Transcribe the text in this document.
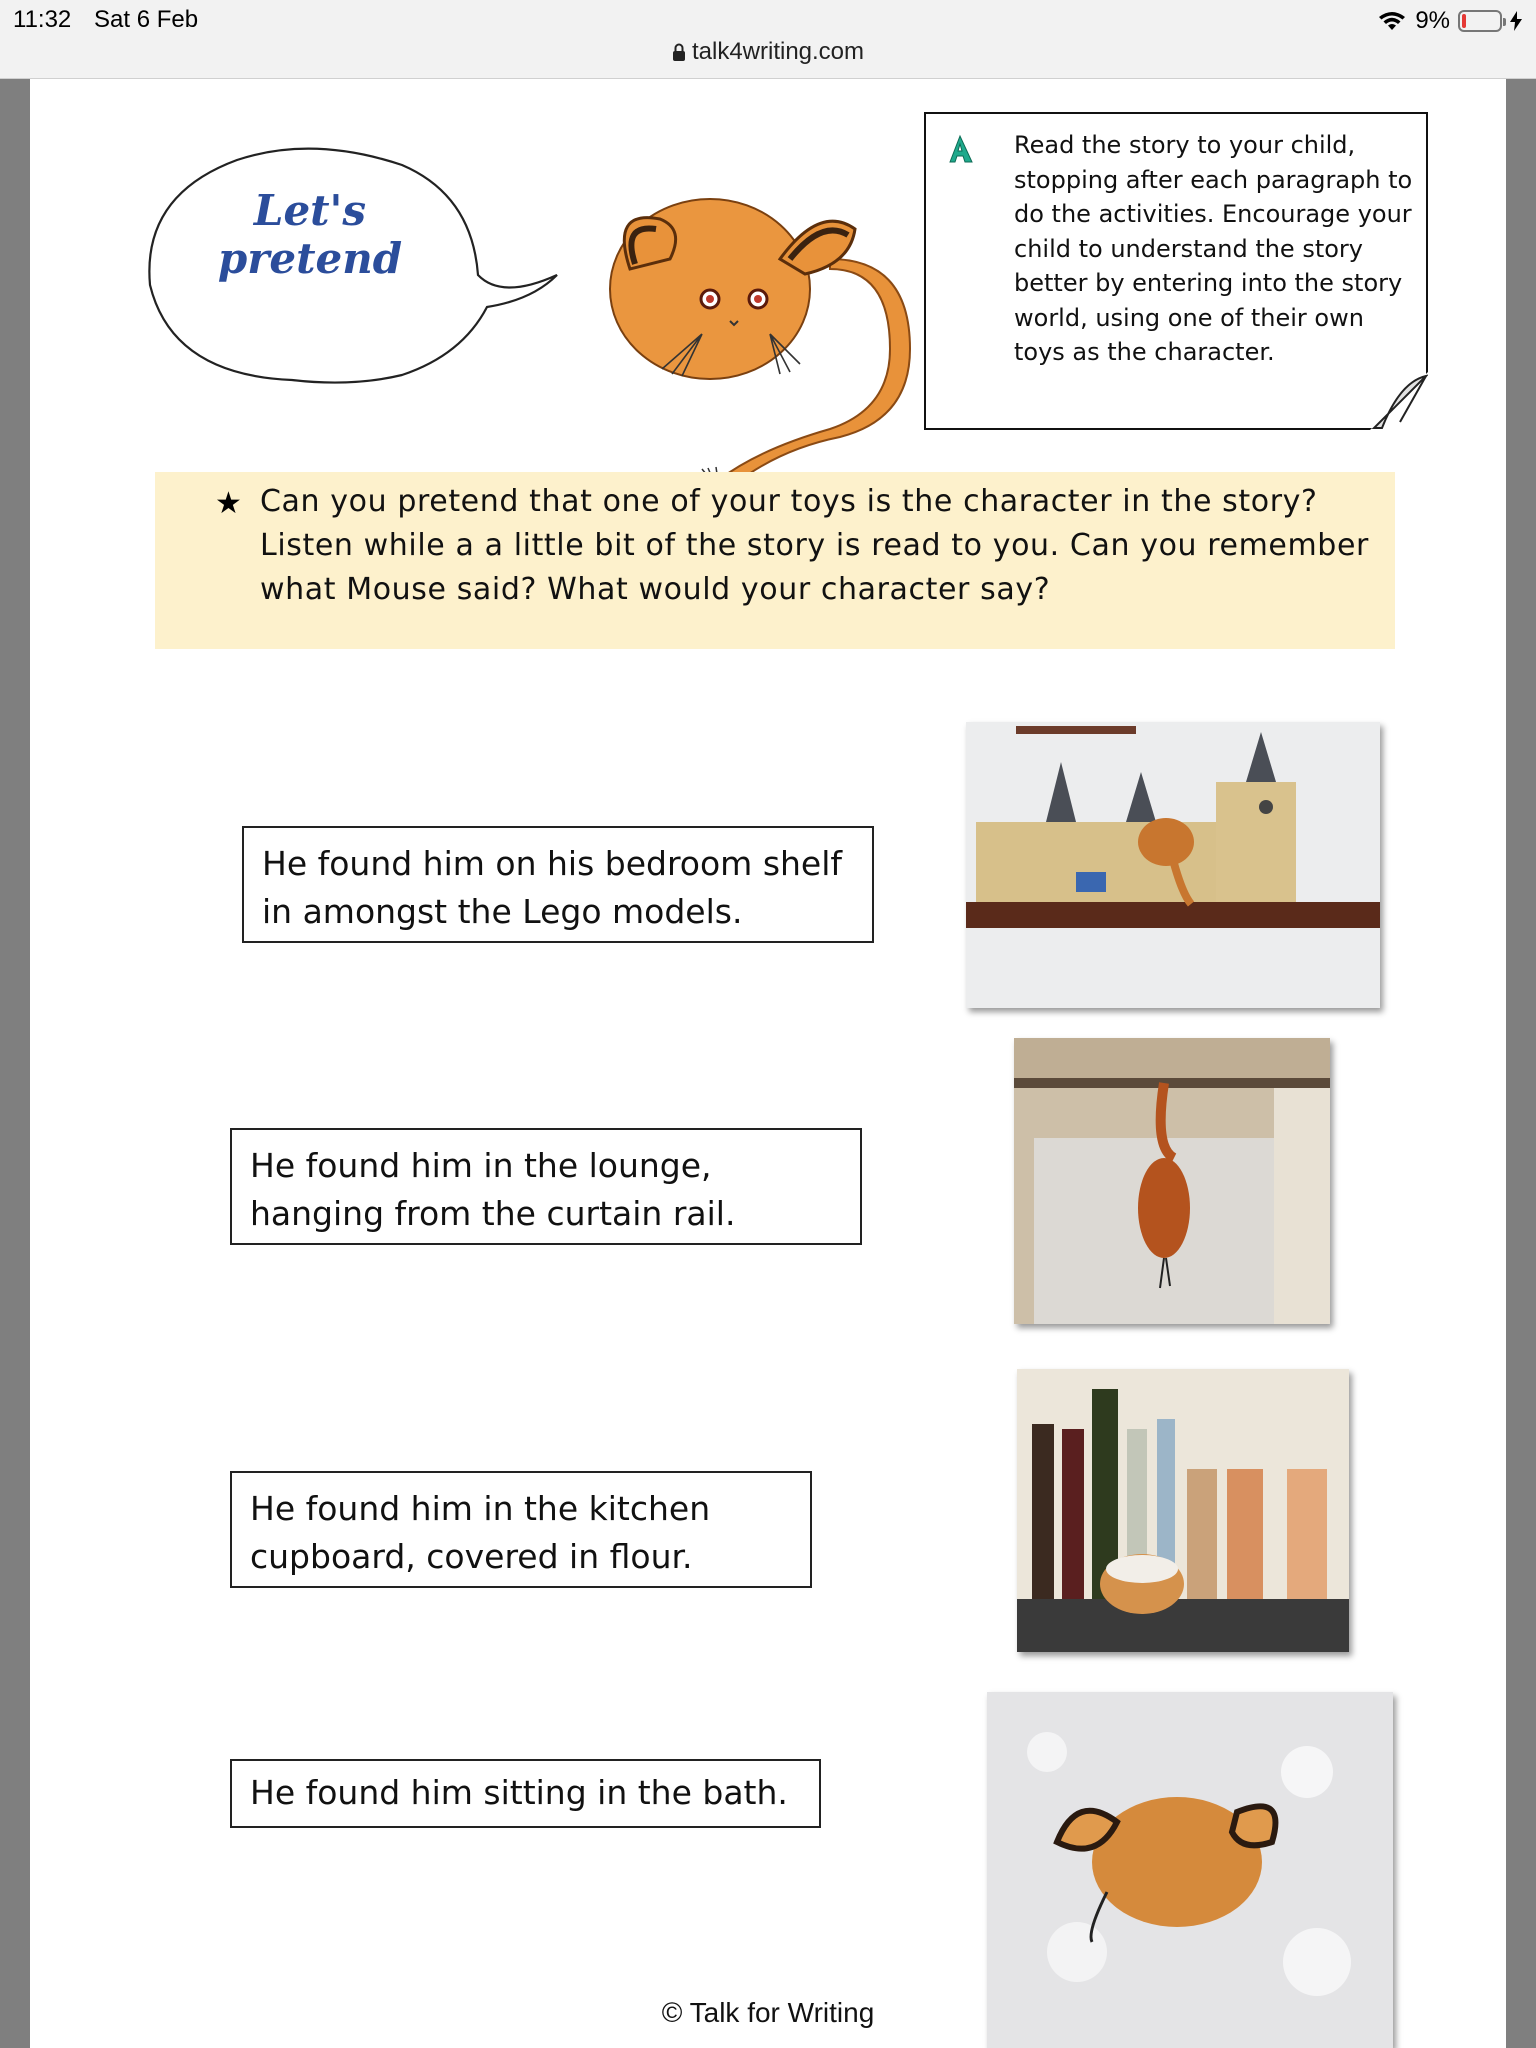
11:32 Sat 6 Feb	9%
talk4writing.com
Let's pretend
Read the story to your child, stopping after each paragraph to do the activities. Encourage your child to understand the story better by entering into the story world, using one of their own toys as the character.
★ Can you pretend that one of your toys is the character in the story? Listen while a a little bit of the story is read to you. Can you remember what Mouse said? What would your character say?
He found him on his bedroom shelf in amongst the Lego models.
He found him in the lounge, hanging from the curtain rail.
He found him in the kitchen cupboard, covered in flour.
He found him sitting in the bath.
© Talk for Writing
